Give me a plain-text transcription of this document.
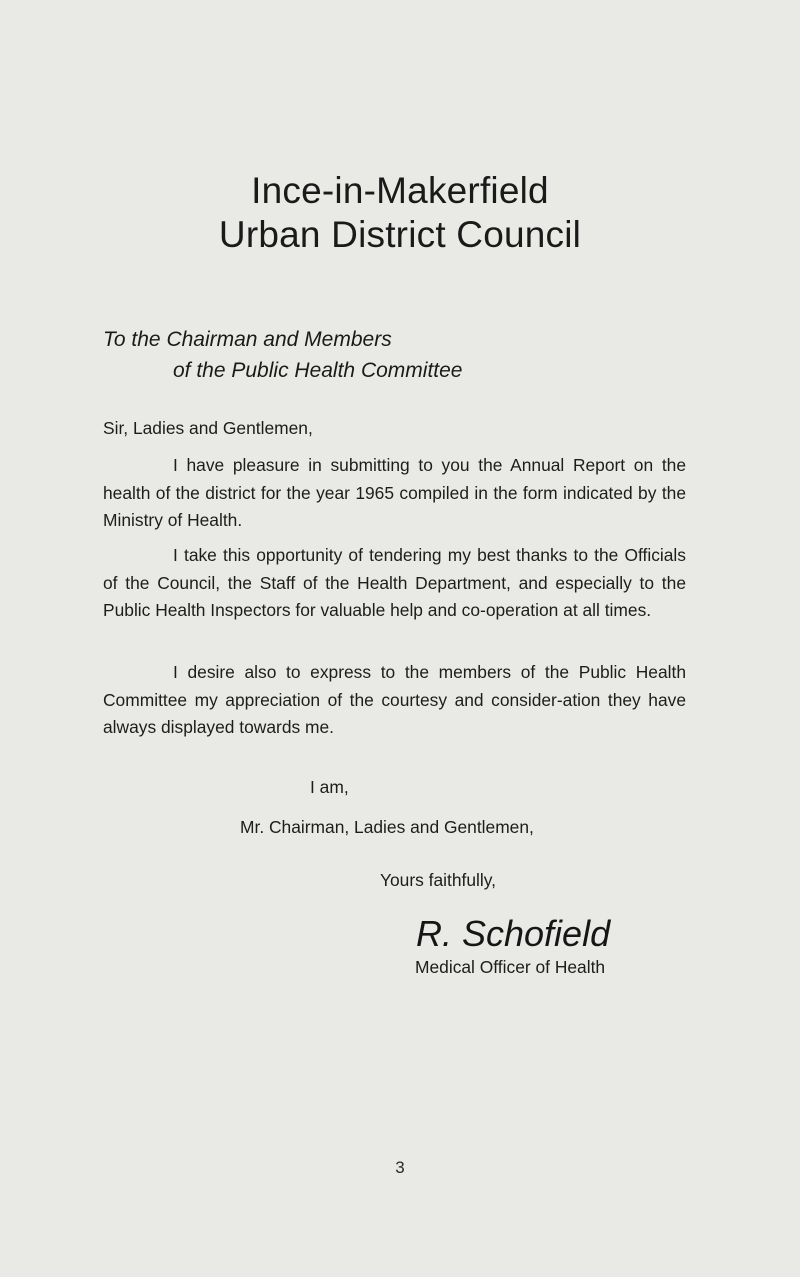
Ince-in-Makerfield
Urban District Council
To the Chairman and Members
of the Public Health Committee
Sir, Ladies and Gentlemen,
I have pleasure in submitting to you the Annual Report on the health of the district for the year 1965 compiled in the form indicated by the Ministry of Health.
I take this opportunity of tendering my best thanks to the Officials of the Council, the Staff of the Health Department, and especially to the Public Health Inspectors for valuable help and co-operation at all times.
I desire also to express to the members of the Public Health Committee my appreciation of the courtesy and consider-ation they have always displayed towards me.
I am,
Mr. Chairman, Ladies and Gentlemen,
Yours faithfully,
R. Schofield
Medical Officer of Health
3
